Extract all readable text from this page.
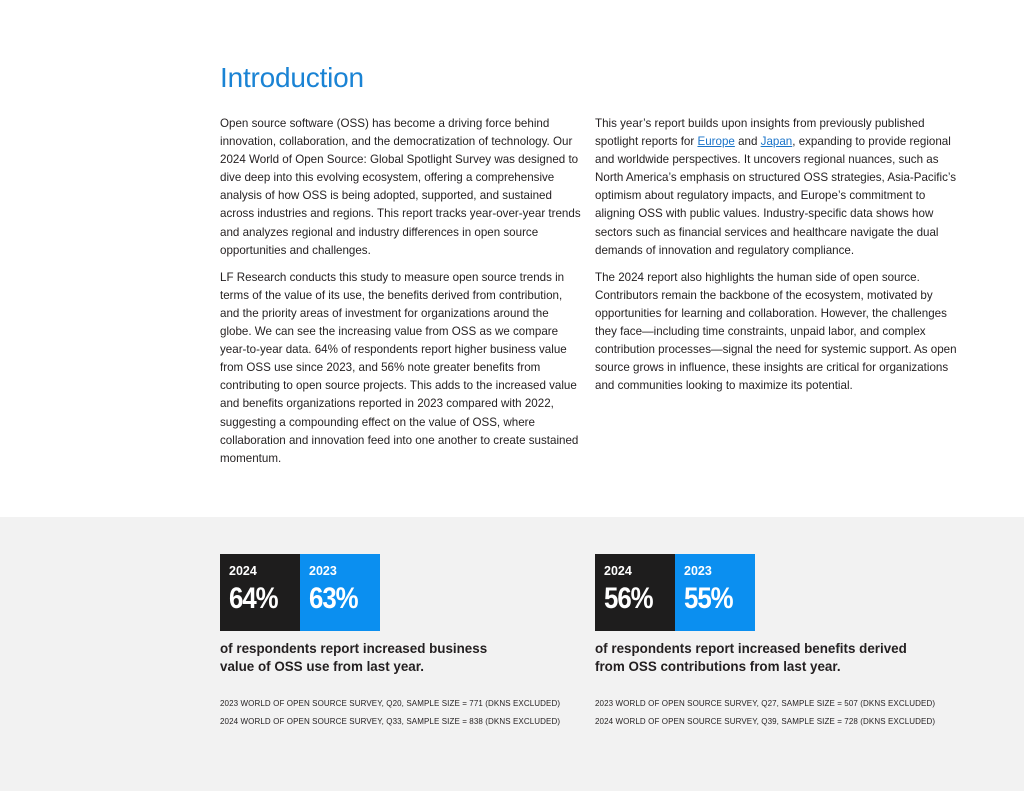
Introduction

Open source software (OSS) has become a driving force behind innovation, collaboration, and the democratization of technology. Our 2024 World of Open Source: Global Spotlight Survey was designed to dive deep into this evolving ecosystem, offering a comprehensive analysis of how OSS is being adopted, supported, and sustained across industries and regions. This report tracks year-over-year trends and analyzes regional and industry differences in open source opportunities and challenges.

LF Research conducts this study to measure open source trends in terms of the value of its use, the benefits derived from contribution, and the priority areas of investment for organizations around the globe. We can see the increasing value from OSS as we compare year-to-year data. 64% of respondents report higher business value from OSS use since 2023, and 56% note greater benefits from contributing to open source projects. This adds to the increased value and benefits organizations reported in 2023 compared with 2022, suggesting a compounding effect on the value of OSS, where collaboration and innovation feed into one another to create sustained momentum.

This year’s report builds upon insights from previously published spotlight reports for Europe and Japan, expanding to provide regional and worldwide perspectives. It uncovers regional nuances, such as North America’s emphasis on structured OSS strategies, Asia-Pacific’s optimism about regulatory impacts, and Europe’s commitment to aligning OSS with public values. Industry-specific data shows how sectors such as financial services and healthcare navigate the dual demands of innovation and regulatory compliance.

The 2024 report also highlights the human side of open source. Contributors remain the backbone of the ecosystem, motivated by opportunities for learning and collaboration. However, the challenges they face—including time constraints, unpaid labor, and complex contribution processes—signal the need for systemic support. As open source grows in influence, these insights are critical for organizations and communities looking to maximize its potential.

2024
64%
2023
63%
of respondents report increased business value of OSS use from last year.
2023 WORLD OF OPEN SOURCE SURVEY, Q20, SAMPLE SIZE = 771 (DKNS EXCLUDED)
2024 WORLD OF OPEN SOURCE SURVEY, Q33, SAMPLE SIZE = 838 (DKNS EXCLUDED)
2024
56%
2023
55%
of respondents report increased benefits derived from OSS contributions from last year.
2023 WORLD OF OPEN SOURCE SURVEY, Q27, SAMPLE SIZE = 507 (DKNS EXCLUDED)
2024 WORLD OF OPEN SOURCE SURVEY, Q39, SAMPLE SIZE = 728 (DKNS EXCLUDED)
